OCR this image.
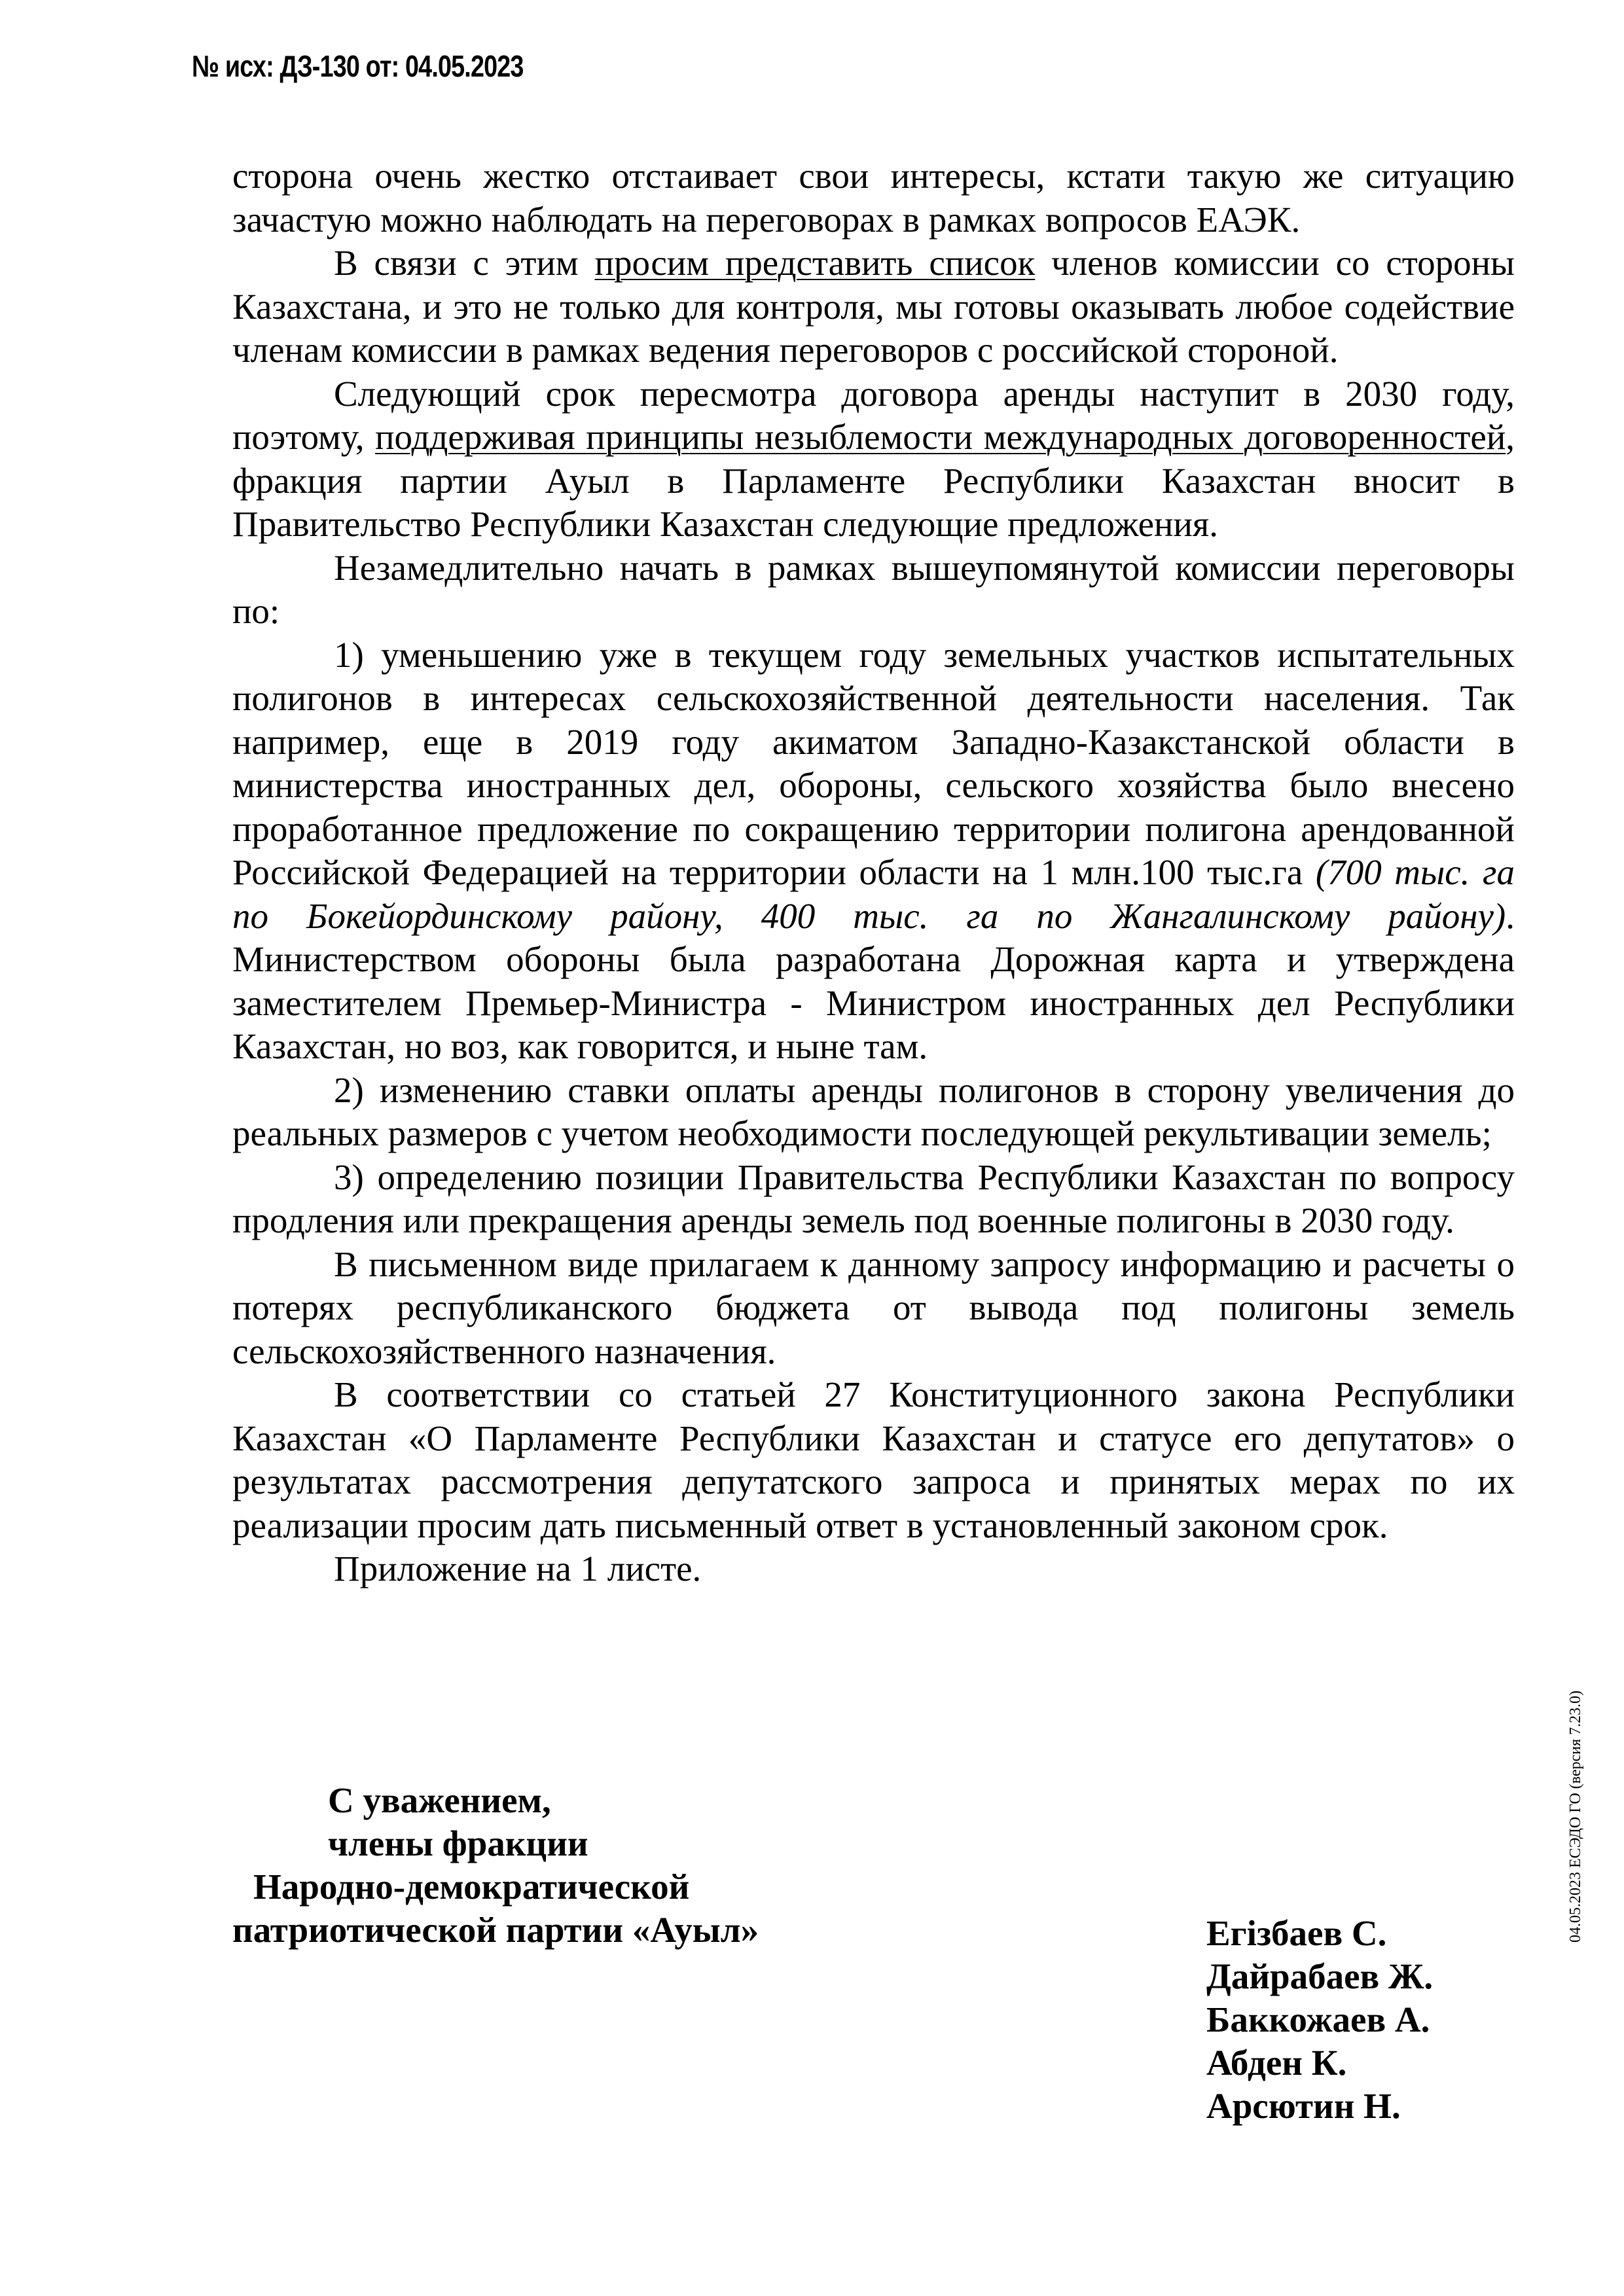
№ исх: ДЗ-130 от: 04.05.2023

сторона очень жестко отстаивает свои интересы, кстати такую же ситуацию зачастую можно наблюдать на переговорах в рамках вопросов ЕАЭК.

В связи с этим просим представить список членов комиссии со стороны Казахстана, и это не только для контроля, мы готовы оказывать любое содействие членам комиссии в рамках ведения переговоров с российской стороной.

Следующий срок пересмотра договора аренды наступит в 2030 году, поэтому, поддерживая принципы незыблемости международных договоренностей, фракция партии Ауыл в Парламенте Республики Казахстан вносит в Правительство Республики Казахстан следующие предложения.

Незамедлительно начать в рамках вышеупомянутой комиссии переговоры по:

1) уменьшению уже в текущем году земельных участков испытательных полигонов в интересах сельскохозяйственной деятельности населения. Так например, еще в 2019 году акиматом Западно-Казакстанской области в министерства иностранных дел, обороны, сельского хозяйства было внесено проработанное предложение по сокращению территории полигона арендованной Российской Федерацией на территории области на 1 млн.100 тыс.га (700 тыс. га по Бокейординскому району, 400 тыс. га по Жангалинскому району). Министерством обороны была разработана Дорожная карта и утверждена заместителем Премьер-Министра - Министром иностранных дел Республики Казахстан, но воз, как говорится, и ныне там.

2) изменению ставки оплаты аренды полигонов в сторону увеличения до реальных размеров с учетом необходимости последующей рекультивации земель;

3) определению позиции Правительства Республики Казахстан по вопросу продления или прекращения аренды земель под военные полигоны в 2030 году.

В письменном виде прилагаем к данному запросу информацию и расчеты о потерях республиканского бюджета от вывода под полигоны земель сельскохозяйственного назначения.

В соответствии со статьей 27 Конституционного закона Республики Казахстан «О Парламенте Республики Казахстан и статусе его депутатов» о результатах рассмотрения депутатского запроса и принятых мерах по их реализации просим дать письменный ответ в установленный законом срок.

Приложение на 1 листе.

С уважением,
члены фракции
Народно-демократической
патриотической партии «Ауыл»	Егізбаев С.
Дайрабаев Ж.
Баккожаев А.
Абден К.
Арсютин Н.
04.05.2023 ЕСЭДО ГО (версия 7.23.0)
